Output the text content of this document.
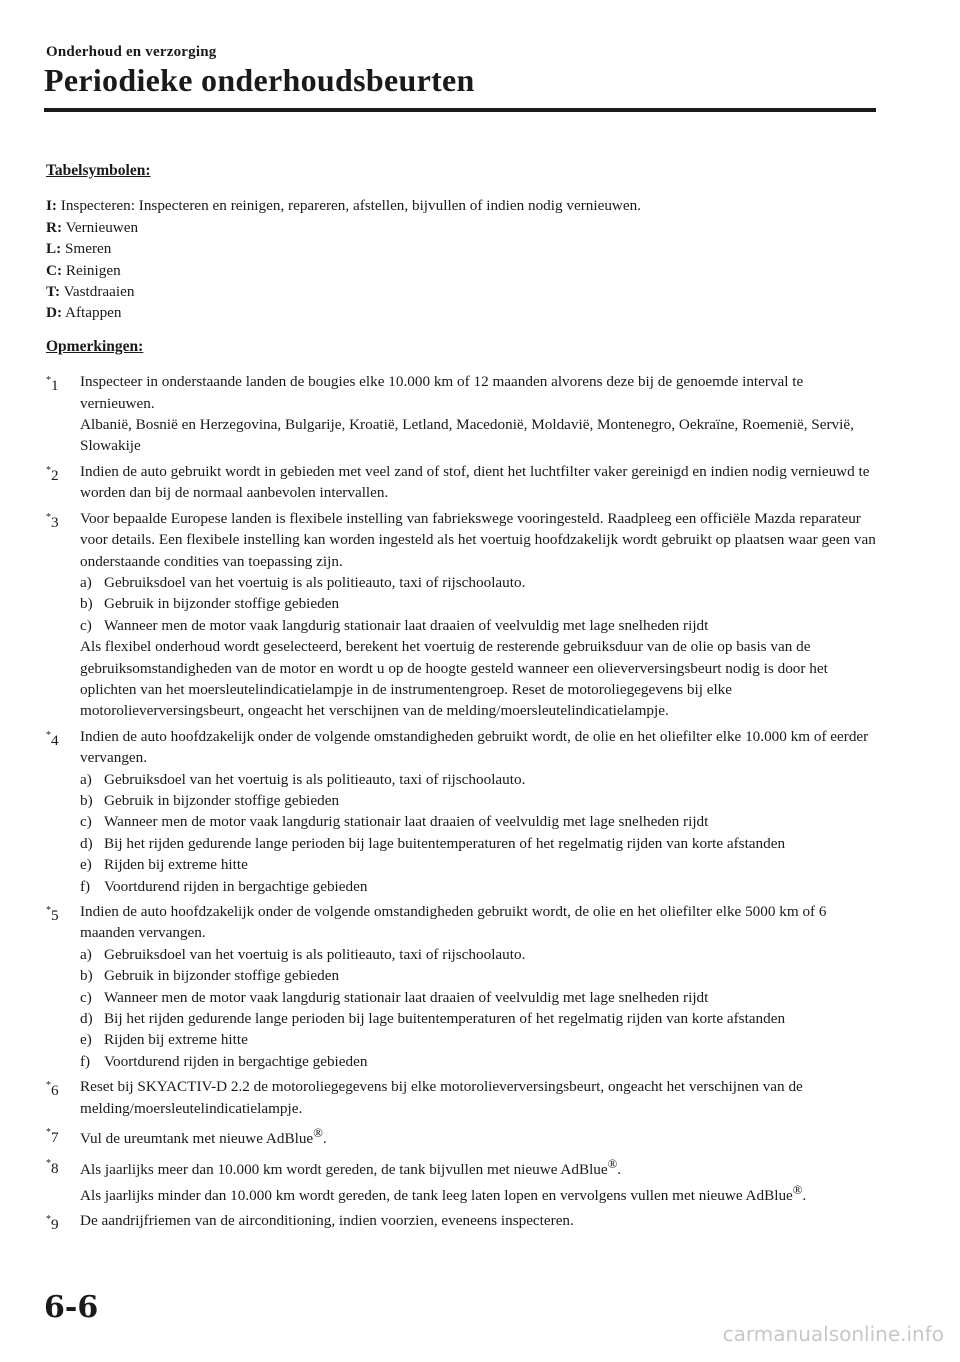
Onderhoud en verzorging
Periodieke onderhoudsbeurten
Tabelsymbolen:

I: Inspecteren: Inspecteren en reinigen, repareren, afstellen, bijvullen of indien nodig vernieuwen.

R: Vernieuwen

L: Smeren

C: Reinigen

T: Vastdraaien

D: Aftappen

Opmerkingen:
*1 Inspecteer in onderstaande landen de bougies elke 10.000 km of 12 maanden alvorens deze bij de genoemde interval te vernieuwen.

Albanië, Bosnië en Herzegovina, Bulgarije, Kroatië, Letland, Macedonië, Moldavië, Montenegro, Oekraïne, Roemenië, Servië, Slowakije

*2 Indien de auto gebruikt wordt in gebieden met veel zand of stof, dient het luchtfilter vaker gereinigd en indien nodig vernieuwd te worden dan bij de normaal aanbevolen intervallen.

*3 Voor bepaalde Europese landen is flexibele instelling van fabriekswege vooringesteld. Raadpleeg een officiële Mazda reparateur voor details. Een flexibele instelling kan worden ingesteld als het voertuig hoofdzakelijk wordt gebruikt op plaatsen waar geen van onderstaande condities van toepassing zijn.

a) Gebruiksdoel van het voertuig is als politieauto, taxi of rijschoolauto.
b) Gebruik in bijzonder stoffige gebieden
c) Wanneer men de motor vaak langdurig stationair laat draaien of veelvuldig met lage snelheden rijdt

Als flexibel onderhoud wordt geselecteerd, berekent het voertuig de resterende gebruiksduur van de olie op basis van de gebruiksomstandigheden van de motor en wordt u op de hoogte gesteld wanneer een olieverversingsbeurt nodig is door het oplichten van het moersleutelindicatielampje in de instrumentengroep. Reset de motoroliegegevens bij elke motorolieverversingsbeurt, ongeacht het verschijnen van de melding/moersleutelindicatielampje.

*4 Indien de auto hoofdzakelijk onder de volgende omstandigheden gebruikt wordt, de olie en het oliefilter elke 10.000 km of eerder vervangen.

a) Gebruiksdoel van het voertuig is als politieauto, taxi of rijschoolauto.
b) Gebruik in bijzonder stoffige gebieden
c) Wanneer men de motor vaak langdurig stationair laat draaien of veelvuldig met lage snelheden rijdt
d) Bij het rijden gedurende lange perioden bij lage buitentemperaturen of het regelmatig rijden van korte afstanden
e) Rijden bij extreme hitte
f) Voortdurend rijden in bergachtige gebieden
*5 Indien de auto hoofdzakelijk onder de volgende omstandigheden gebruikt wordt, de olie en het oliefilter elke 5000 km of 6 maanden vervangen.

a) Gebruiksdoel van het voertuig is als politieauto, taxi of rijschoolauto.
b) Gebruik in bijzonder stoffige gebieden
c) Wanneer men de motor vaak langdurig stationair laat draaien of veelvuldig met lage snelheden rijdt
d) Bij het rijden gedurende lange perioden bij lage buitentemperaturen of het regelmatig rijden van korte afstanden
e) Rijden bij extreme hitte
f) Voortdurend rijden in bergachtige gebieden
*6 Reset bij SKYACTIV-D 2.2 de motoroliegegevens bij elke motorolieverversingsbeurt, ongeacht het verschijnen van de melding/moersleutelindicatielampje.

*7 Vul de ureumtank met nieuwe AdBlue®.

*8 Als jaarlijks meer dan 10.000 km wordt gereden, de tank bijvullen met nieuwe AdBlue®.

Als jaarlijks minder dan 10.000 km wordt gereden, de tank leeg laten lopen en vervolgens vullen met nieuwe AdBlue®.

*9 De aandrijfriemen van de airconditioning, indien voorzien, eveneens inspecteren.

6-6
carmanualsonline.info
